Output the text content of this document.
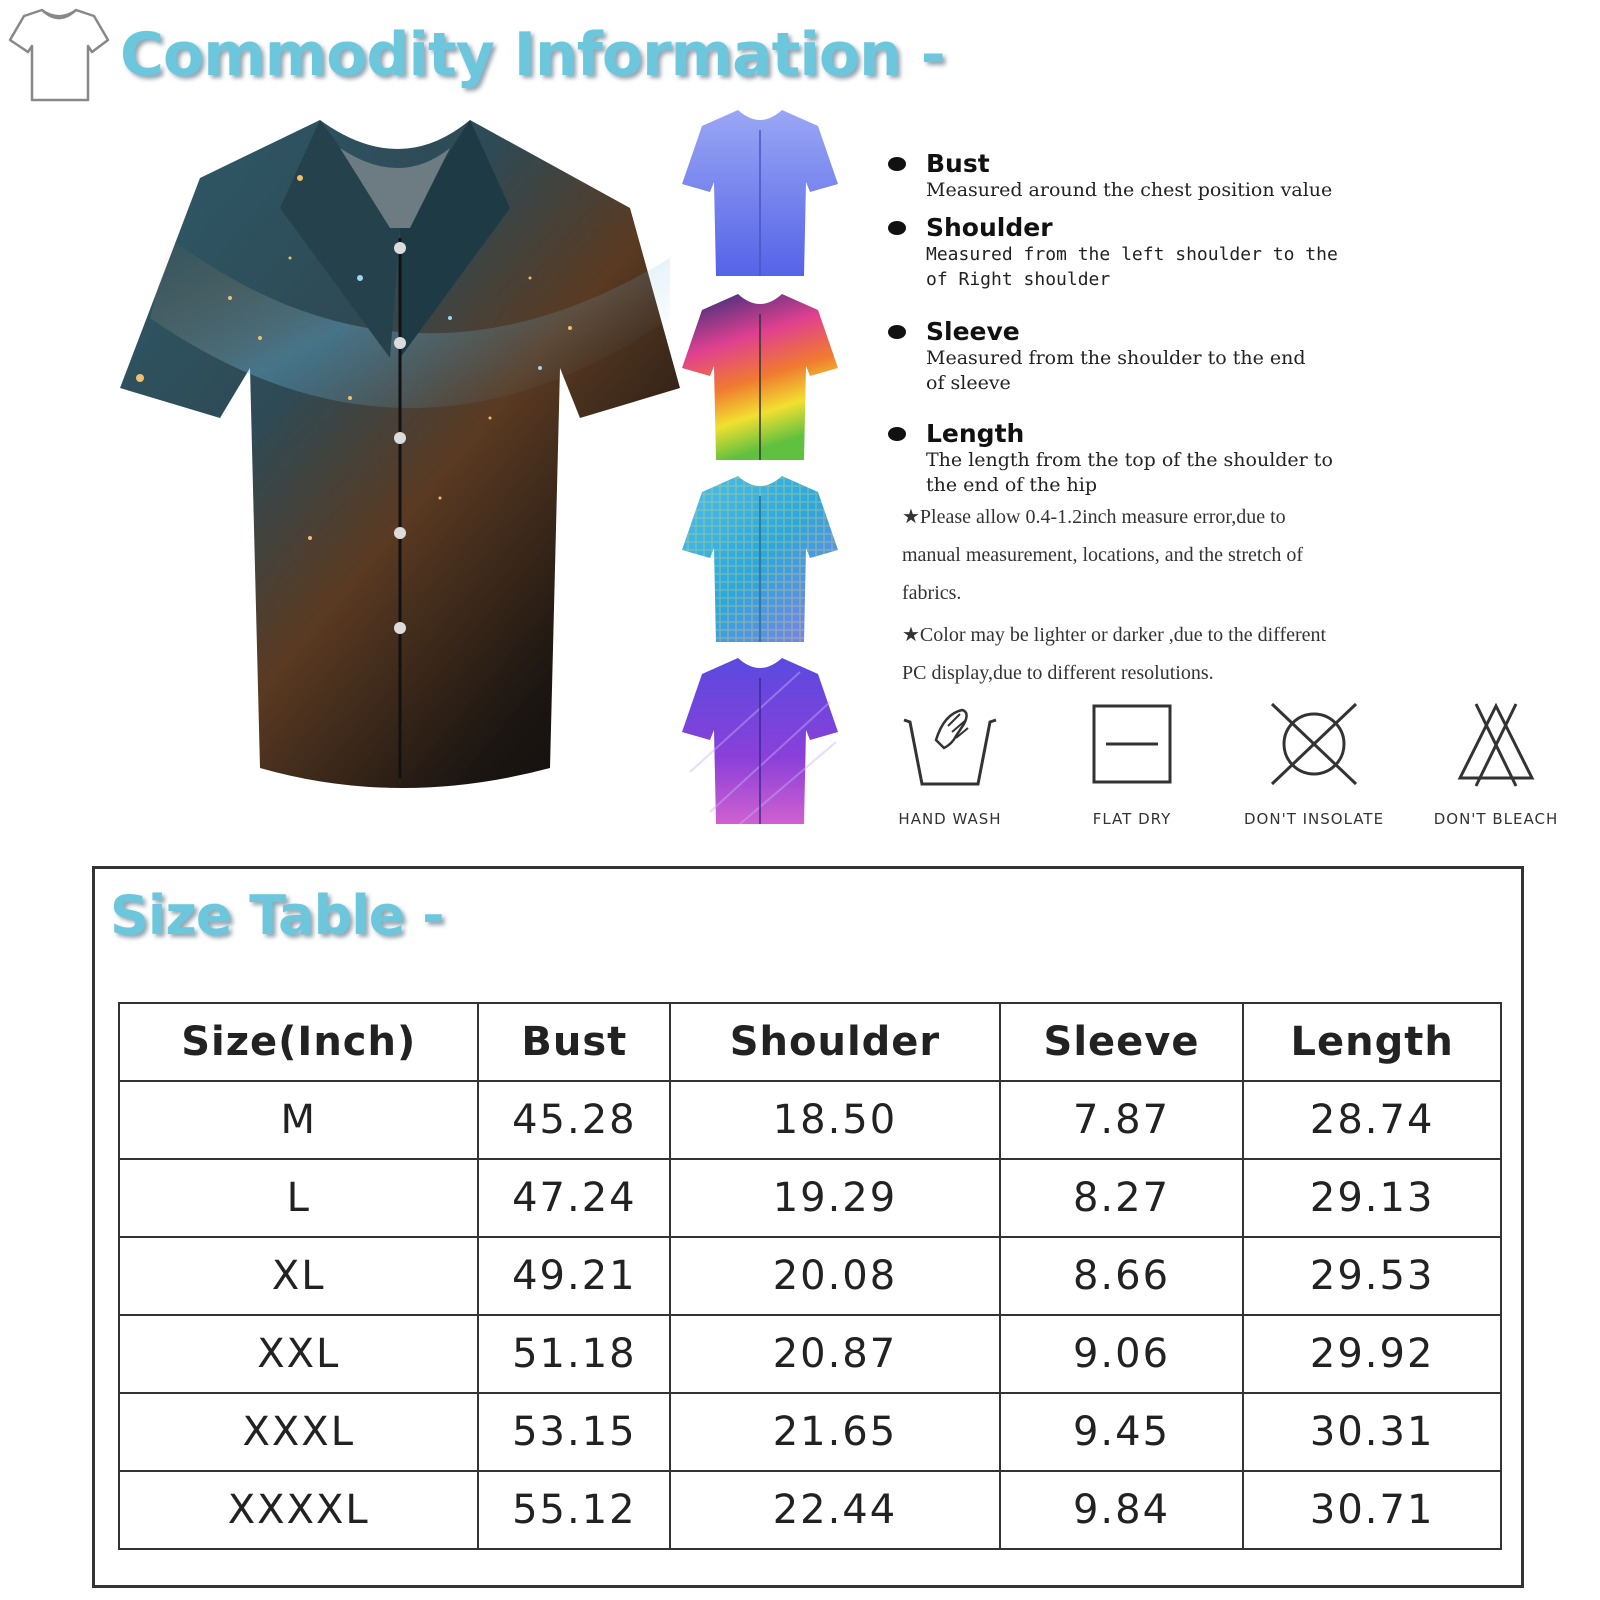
Commodity Information -
Bust
Measured around the chest position value
Shoulder
Measured from the left shoulder to the
of Right shoulder
Sleeve
Measured from the shoulder to the end
of sleeve
Length
The length from the top of the shoulder to
the end of the hip
★Please allow 0.4-1.2inch measure error,due to manual measurement, locations, and the stretch of fabrics.
★Color may be lighter or darker ,due to the different PC display,due to different resolutions.
HAND WASH	FLAT DRY	DON'T INSOLATE	DON'T BLEACH
Size Table -
Size(Inch)	Bust	Shoulder	Sleeve	Length
M	45.28	18.50	7.87	28.74
L	47.24	19.29	8.27	29.13
XL	49.21	20.08	8.66	29.53
XXL	51.18	20.87	9.06	29.92
XXXL	53.15	21.65	9.45	30.31
XXXXL	55.12	22.44	9.84	30.71
